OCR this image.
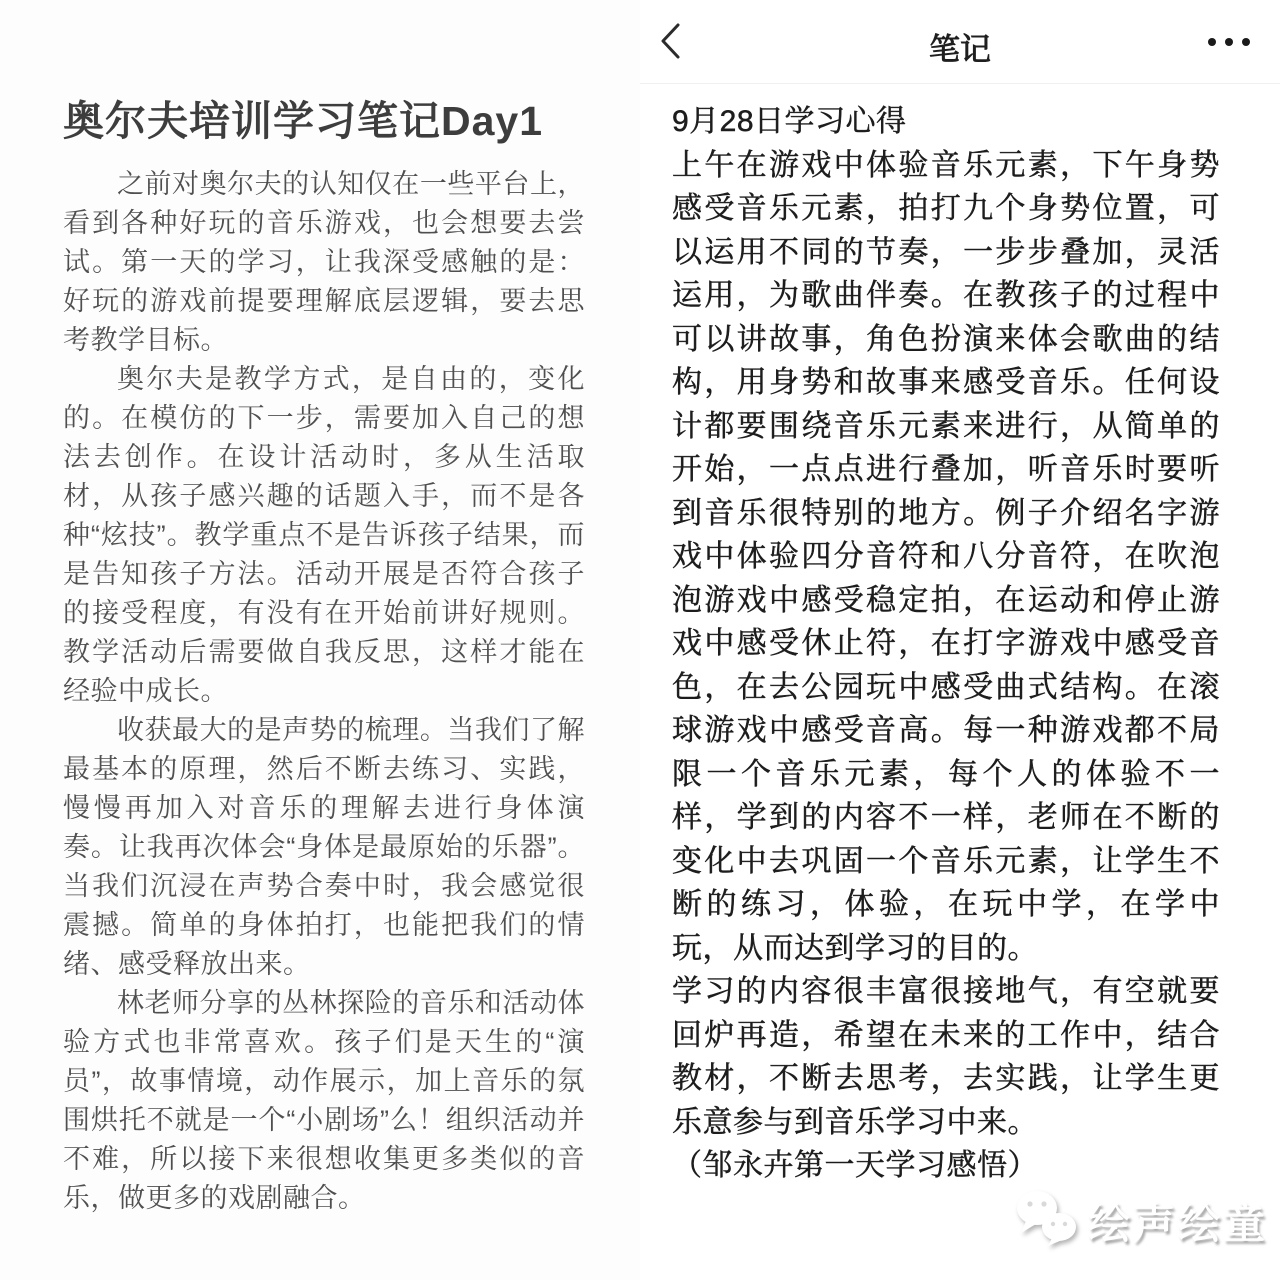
奥尔夫培训学习笔记Day1

之前对奥尔夫的认知仅在一些平台上，看到各种好玩的音乐游戏，也会想要去尝试。第一天的学习，让我深受感触的是：好玩的游戏前提要理解底层逻辑，要去思考教学目标。

奥尔夫是教学方式，是自由的，变化的。在模仿的下一步，需要加入自己的想法去创作。在设计活动时，多从生活取材，从孩子感兴趣的话题入手，而不是各种“炫技”。教学重点不是告诉孩子结果，而是告知孩子方法。活动开展是否符合孩子的接受程度，有没有在开始前讲好规则。教学活动后需要做自我反思，这样才能在经验中成长。

收获最大的是声势的梳理。当我们了解最基本的原理，然后不断去练习、实践，慢慢再加入对音乐的理解去进行身体演奏。让我再次体会“身体是最原始的乐器”。当我们沉浸在声势合奏中时，我会感觉很震撼。简单的身体拍打，也能把我们的情绪、感受释放出来。

林老师分享的丛林探险的音乐和活动体验方式也非常喜欢。孩子们是天生的“演员”，故事情境，动作展示，加上音乐的氛围烘托不就是一个“小剧场”么！组织活动并不难，所以接下来很想收集更多类似的音乐，做更多的戏剧融合。

笔记

9月28日学习心得

上午在游戏中体验音乐元素，下午身势感受音乐元素，拍打九个身势位置，可以运用不同的节奏，一步步叠加，灵活运用，为歌曲伴奏。在教孩子的过程中可以讲故事，角色扮演来体会歌曲的结构，用身势和故事来感受音乐。任何设计都要围绕音乐元素来进行，从简单的开始，一点点进行叠加，听音乐时要听到音乐很特别的地方。例子介绍名字游戏中体验四分音符和八分音符，在吹泡泡游戏中感受稳定拍，在运动和停止游戏中感受休止符，在打字游戏中感受音色，在去公园玩中感受曲式结构。在滚球游戏中感受音高。每一种游戏都不局限一个音乐元素，每个人的体验不一样，学到的内容不一样，老师在不断的变化中去巩固一个音乐元素，让学生不断的练习，体验，在玩中学，在学中玩，从而达到学习的目的。

学习的内容很丰富很接地气，有空就要回炉再造，希望在未来的工作中，结合教材，不断去思考，去实践，让学生更乐意参与到音乐学习中来。

（邹永卉第一天学习感悟）

绘声绘童
